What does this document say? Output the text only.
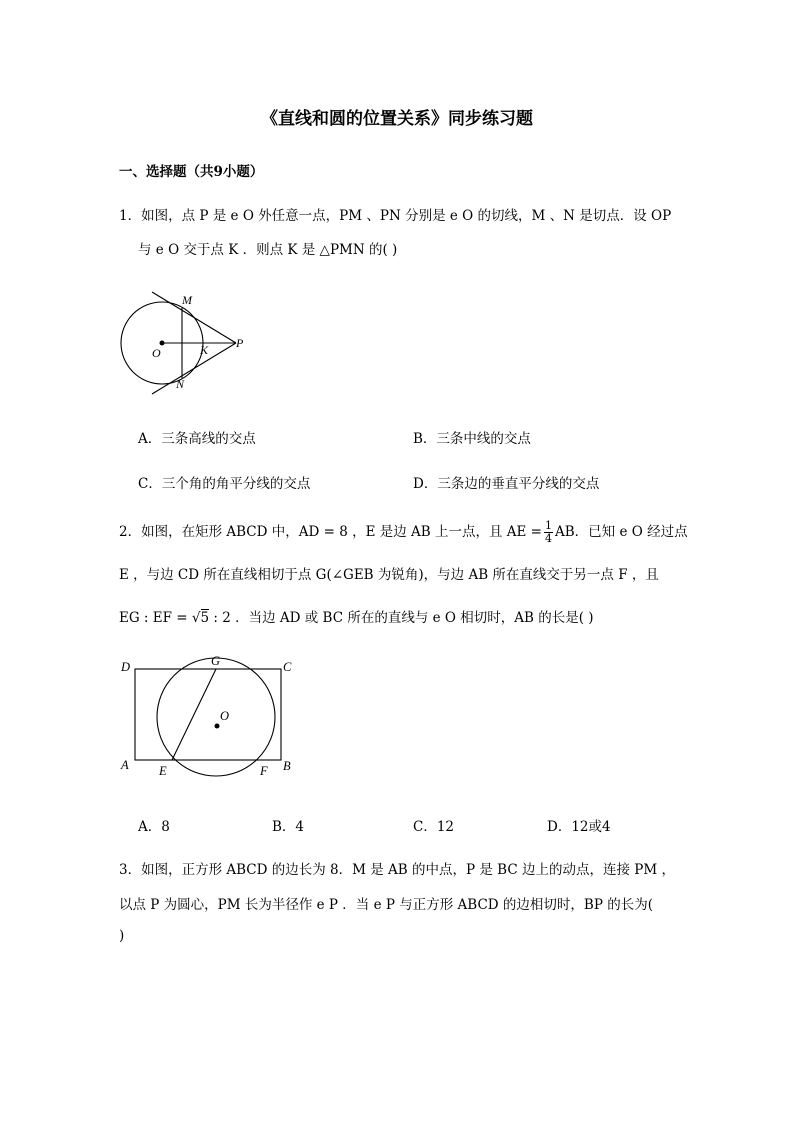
《直线和圆的位置关系》同步练习题
一、选择题（共9小题）
1．如图，点 P 是 e O 外任意一点，PM 、PN 分别是 e O 的切线，M 、N 是切点．设 OP
与 e O 交于点 K ．则点 K 是 △PMN 的( )
M
O	K P
N
A．三条高线的交点	B．三条中线的交点
C．三个角的角平分线的交点	D．三条边的垂直平分线的交点
2．如图，在矩形 ABCD 中，AD = 8 ，E 是边 AB 上一点，且 AE = $\frac{1}{4}$ AB．已知 e O 经过点
E ，与边 CD 所在直线相切于点 G(∠GEB 为锐角)，与边 AB 所在直线交于另一点 F ，且
EG : EF = √5 : 2 ．当边 AD 或 BC 所在的直线与 e O 相切时，AB 的长是( )
D	G	C
O
A E	F B
A．8	B．4	C．12	D．12或4
3．如图，正方形 ABCD 的边长为 8．M 是 AB 的中点，P 是 BC 边上的动点，连接 PM ，
以点 P 为圆心，PM 长为半径作 e P ．当 e P 与正方形 ABCD 的边相切时，BP 的长为(
)
